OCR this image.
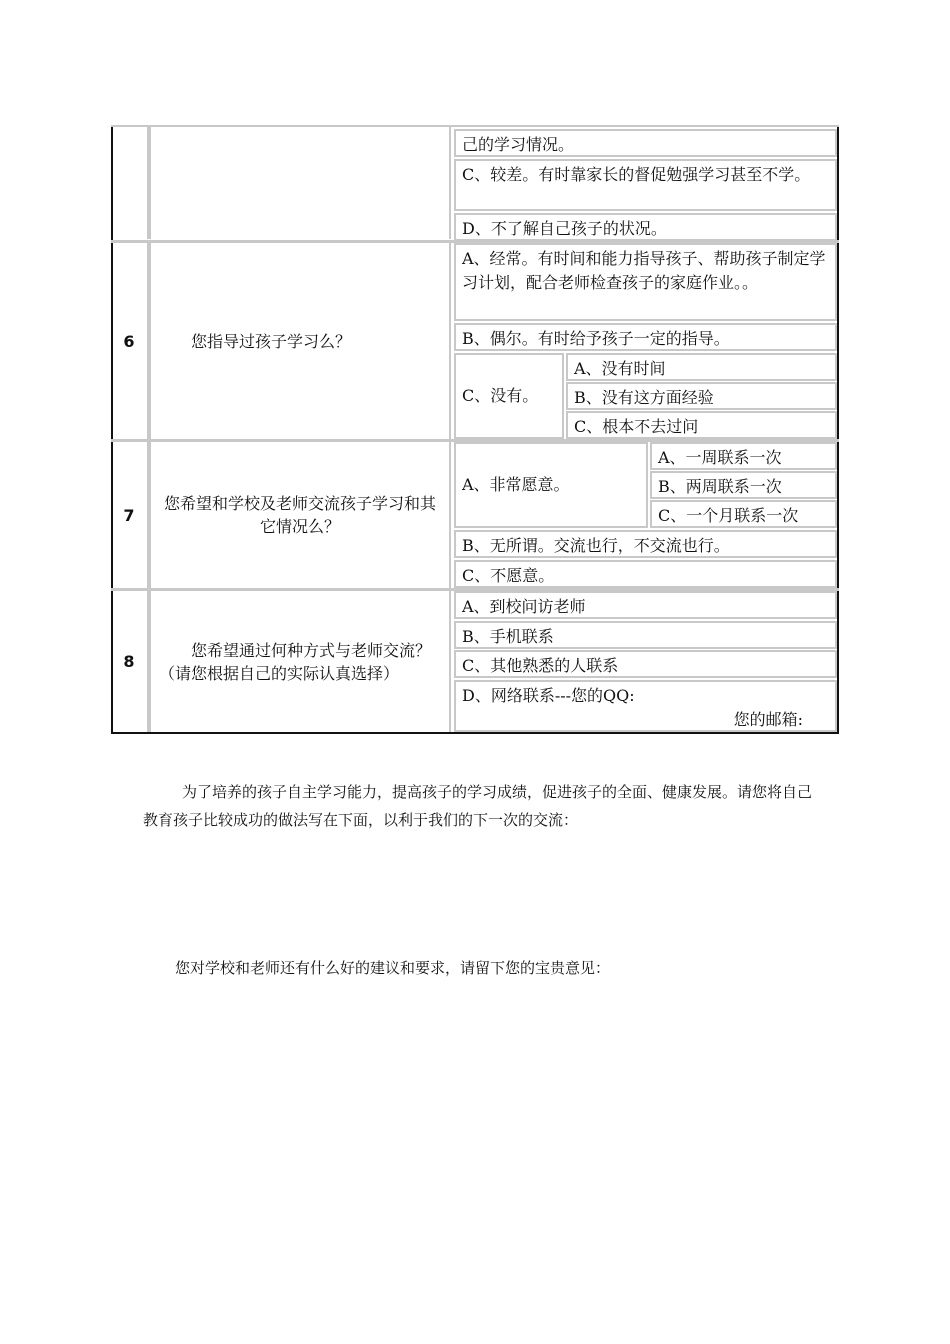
己的学习情况。
C、较差。有时靠家长的督促勉强学习甚至不学。
D、不了解自己孩子的状况。
6	您指导过孩子学习么？
A、经常。有时间和能力指导孩子、帮助孩子制定学习计划，配合老师检查孩子的家庭作业。。
B、偶尔。有时给予孩子一定的指导。
C、没有。
A、没有时间
B、没有这方面经验
C、根本不去过问
7
您希望和学校及老师交流孩子学习和其它情况么？
A、非常愿意。
A、一周联系一次
B、两周联系一次
C、一个月联系一次
B、无所谓。交流也行，不交流也行。
C、不愿意。
8
您希望通过何种方式与老师交流？（请您根据自己的实际认真选择）
A、到校问访老师
B、手机联系
C、其他熟悉的人联系
D、网络联系---您的QQ:
您的邮箱:
为了培养的孩子自主学习能力，提高孩子的学习成绩，促进孩子的全面、健康发展。请您将自己教育孩子比较成功的做法写在下面，以利于我们的下一次的交流：
您对学校和老师还有什么好的建议和要求，请留下您的宝贵意见：
